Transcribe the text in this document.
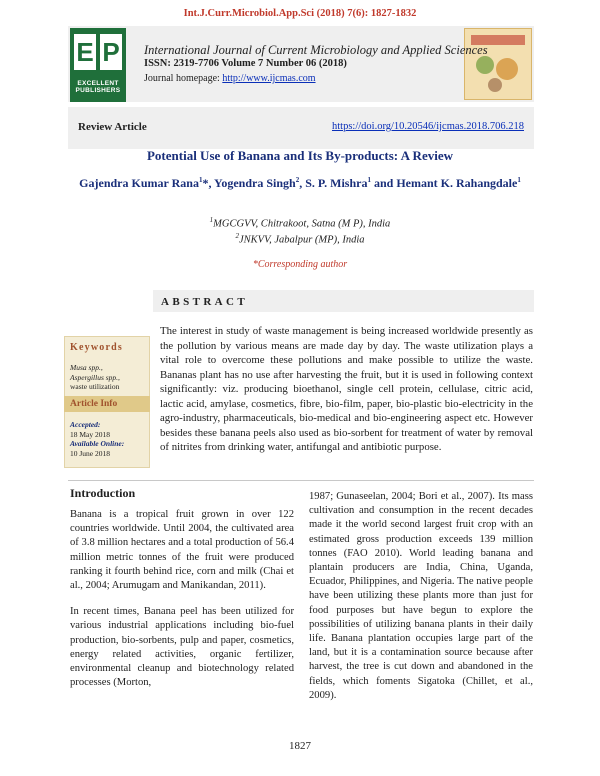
Int.J.Curr.Microbiol.App.Sci (2018) 7(6): 1827-1832
E P
EXCELLENT PUBLISHERS
International Journal of Current Microbiology and Applied Sciences
ISSN: 2319-7706 Volume 7 Number 06 (2018)
Journal homepage: http://www.ijcmas.com
Review Article	https://doi.org/10.20546/ijcmas.2018.706.218
Potential Use of Banana and Its By-products: A Review
Gajendra Kumar Rana$^1$*, Yogendra Singh$^2$, S. P. Mishra$^1$ and Hemant K. Rahangdale$^1$
$^1$MGCGVV, Chitrakoot, Satna (M P), India
$^2$JNKVV, Jabalpur (MP), India
*Corresponding author
ABSTRACT
The interest in study of waste management is being increased worldwide presently as the pollution by various means are made day by day. The waste utilization plays a vital role to overcome these pollutions and make possible to utilize the waste. Bananas plant has no use after harvesting the fruit, but it is used in following context significantly: viz. producing bioethanol, single cell protein, cellulase, citric acid, lactic acid, amylase, cosmetics, fibre, bio-film, paper, bio-plastic bio-electricity in the agro-industry, pharmaceuticals, bio-medical and bio-engineering aspect etc. However besides these banana peels also used as bio-sorbent for treatment of water by removal of nitrites from drinking water, antifungal and antibiotic purpose.
Keywords
Musa spp.,
Aspergillus spp.,
waste utilization
Article Info
Accepted:
18 May 2018
Available Online:
10 June 2018
Introduction

Banana is a tropical fruit grown in over 122 countries worldwide. Until 2004, the cultivated area of 3.8 million hectares and a total production of 56.4 million metric tonnes of the fruit were produced ranking it fourth behind rice, corn and milk (Chai et al., 2004; Arumugam and Manikandan, 2011).

In recent times, Banana peel has been utilized for various industrial applications including bio-fuel production, bio-sorbents, pulp and paper, cosmetics, energy related activities, organic fertilizer, environmental cleanup and biotechnology related processes (Morton,

1987; Gunaseelan, 2004; Bori et al., 2007). Its mass cultivation and consumption in the recent decades made it the world second largest fruit crop with an estimated gross production exceeds 139 million tonnes (FAO 2010). World leading banana and plantain producers are India, China, Uganda, Ecuador, Philippines, and Nigeria. The native people have been utilizing these plants more than just for food purposes but have begun to explore the possibilities of utilizing banana plants in their daily life. Banana plantation occupies large part of the land, but it is a contamination source because after harvest, the tree is cut down and abandoned in the fields, which foments Sigatoka (Chillet, et al., 2009).

1827
